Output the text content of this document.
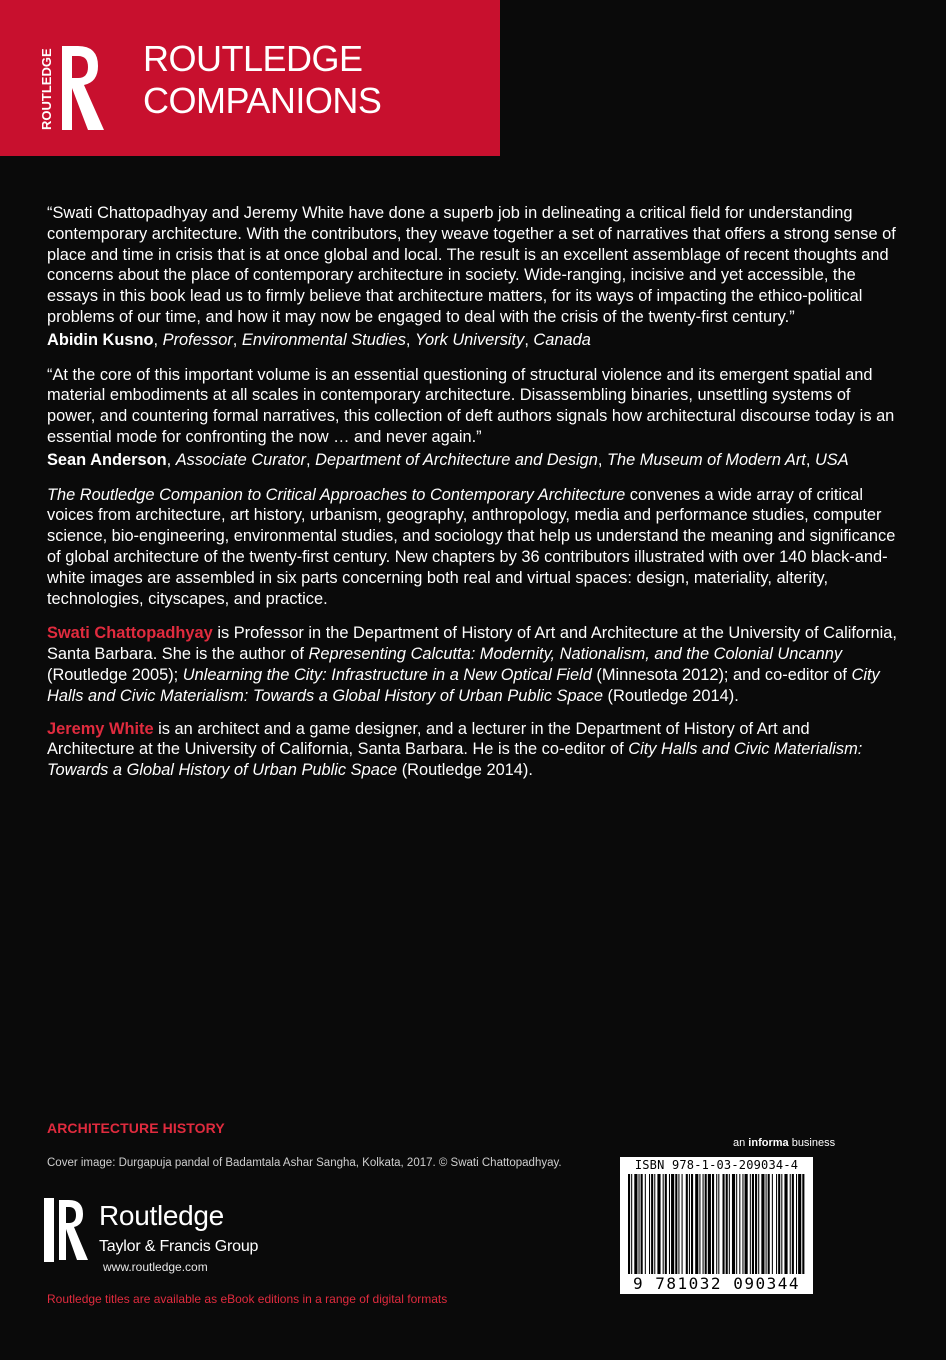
ROUTLEDGE ROUTLEDGE
COMPANIONS

“Swati Chattopadhyay and Jeremy White have done a superb job in delineating a critical field for understanding contemporary architecture. With the contributors, they weave together a set of narratives that offers a strong sense of place and time in crisis that is at once global and local. The result is an excellent assemblage of recent thoughts and concerns about the place of contemporary architecture in society. Wide-ranging, incisive and yet accessible, the essays in this book lead us to firmly believe that architecture matters, for its ways of impacting the ethico-political problems of our time, and how it may now be engaged to deal with the crisis of the twenty-first century.”

Abidin Kusno, Professor, Environmental Studies, York University, Canada

“At the core of this important volume is an essential questioning of structural violence and its emergent spatial and material embodiments at all scales in contemporary architecture. Disassembling binaries, unsettling systems of power, and countering formal narratives, this collection of deft authors signals how architectural discourse today is an essential mode for confronting the now … and never again.”

Sean Anderson, Associate Curator, Department of Architecture and Design, The Museum of Modern Art, USA

The Routledge Companion to Critical Approaches to Contemporary Architecture convenes a wide array of critical voices from architecture, art history, urbanism, geography, anthropology, media and performance studies, computer science, bio-engineering, environmental studies, and sociology that help us understand the meaning and significance of global architecture of the twenty-first century. New chapters by 36 contributors illustrated with over 140 black-and-white images are assembled in six parts concerning both real and virtual spaces: design, materiality, alterity, technologies, cityscapes, and practice.

Swati Chattopadhyay is Professor in the Department of History of Art and Architecture at the University of California, Santa Barbara. She is the author of Representing Calcutta: Modernity, Nationalism, and the Colonial Uncanny (Routledge 2005); Unlearning the City: Infrastructure in a New Optical Field (Minnesota 2012); and co-editor of City Halls and Civic Materialism: Towards a Global History of Urban Public Space (Routledge 2014).

Jeremy White is an architect and a game designer, and a lecturer in the Department of History of Art and Architecture at the University of California, Santa Barbara. He is the co-editor of City Halls and Civic Materialism: Towards a Global History of Urban Public Space (Routledge 2014).

ARCHITECTURE HISTORY
Cover image: Durgapuja pandal of Badamtala Ashar Sangha, Kolkata, 2017. © Swati Chattopadhyay.
Routledge
Taylor & Francis Group
www.routledge.com
Routledge titles are available as eBook editions in a range of digital formats
an informa business
ISBN 978-1-03-209034-4
9 781032 090344
